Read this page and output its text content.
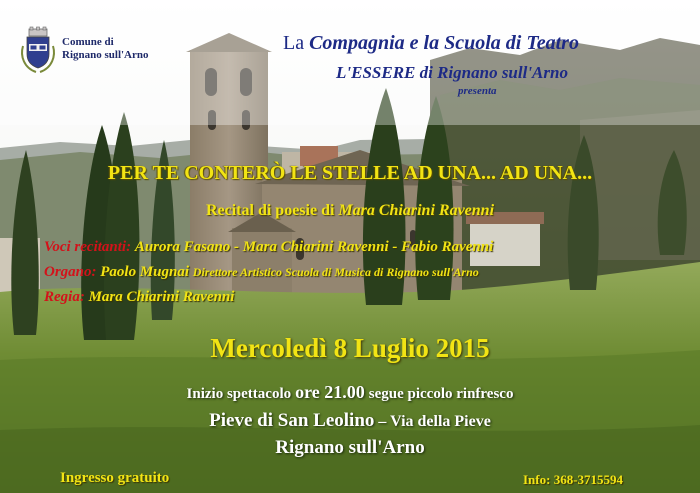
Comune di
Rignano sull'Arno
La Compagnia e la Scuola di Teatro
L'ESSERE di Rignano sull'Arno
presenta
PER TE CONTERÒ LE STELLE AD UNA... AD UNA...
Recital di poesie di Mara Chiarini Ravenni
Voci recitanti: Aurora Fasano - Mara Chiarini Ravenni - Fabio Ravenni
Organo: Paolo Mugnai Direttore Artistico Scuola di Musica di Rignano sull'Arno
Regia: Mara Chiarini Ravenni
Mercoledì 8 Luglio 2015
Inizio spettacolo ore 21.00 segue piccolo rinfresco
Pieve di San Leolino – Via della Pieve
Rignano sull'Arno
Ingresso gratuito	Info: 368-3715594
